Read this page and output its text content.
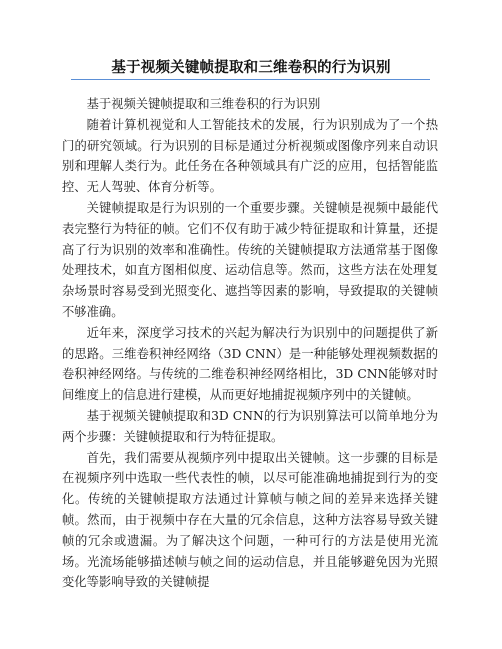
基于视频关键帧提取和三维卷积的行为识别

基于视频关键帧提取和三维卷积的行为识别

随着计算机视觉和人工智能技术的发展，行为识别成为了一个热门的研究领域。行为识别的目标是通过分析视频或图像序列来自动识别和理解人类行为。此任务在各种领域具有广泛的应用，包括智能监控、无人驾驶、体育分析等。

关键帧提取是行为识别的一个重要步骤。关键帧是视频中最能代表完整行为特征的帧。它们不仅有助于减少特征提取和计算量，还提高了行为识别的效率和准确性。传统的关键帧提取方法通常基于图像处理技术，如直方图相似度、运动信息等。然而，这些方法在处理复杂场景时容易受到光照变化、遮挡等因素的影响，导致提取的关键帧不够准确。

近年来，深度学习技术的兴起为解决行为识别中的问题提供了新的思路。三维卷积神经网络（3D CNN）是一种能够处理视频数据的卷积神经网络。与传统的二维卷积神经网络相比，3D CNN能够对时间维度上的信息进行建模，从而更好地捕捉视频序列中的关键帧。

基于视频关键帧提取和3D CNN的行为识别算法可以简单地分为两个步骤：关键帧提取和行为特征提取。

首先，我们需要从视频序列中提取出关键帧。这一步骤的目标是在视频序列中选取一些代表性的帧，以尽可能准确地捕捉到行为的变化。传统的关键帧提取方法通过计算帧与帧之间的差异来选择关键帧。然而，由于视频中存在大量的冗余信息，这种方法容易导致关键帧的冗余或遗漏。为了解决这个问题，一种可行的方法是使用光流场。光流场能够描述帧与帧之间的运动信息，并且能够避免因为光照变化等影响导致的关键帧提
